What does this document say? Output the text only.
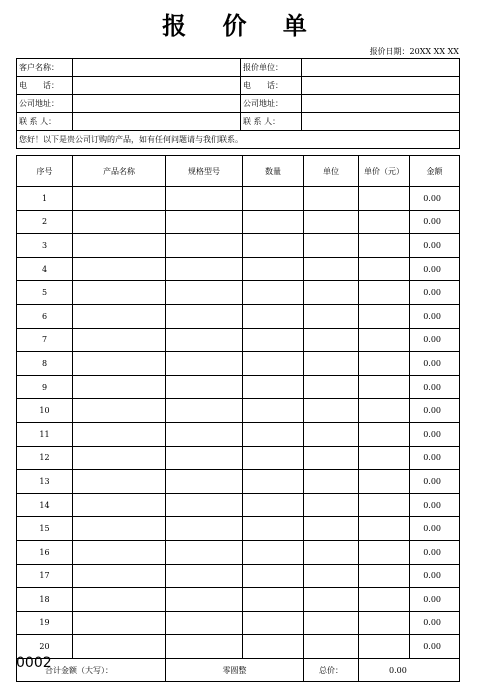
报 价 单
报价日期：20XX XX XX
客户名称：		报价单位：	
电　　话：		电　　话：	
公司地址：		公司地址：	
联 系 人：		联 系 人：	
您好！以下是贵公司订购的产品，如有任何问题请与我们联系。			
序号	产品名称	规格型号	数量	单位	单价（元）	金额
1						0.00
2						0.00
3						0.00
4						0.00
5						0.00
6						0.00
7						0.00
8						0.00
9						0.00
10						0.00
11						0.00
12						0.00
13						0.00
14						0.00
15						0.00
16						0.00
17						0.00
18						0.00
19						0.00
20						0.00
合计金额（大写）：		零圆整		总价：	0.00	
0002
